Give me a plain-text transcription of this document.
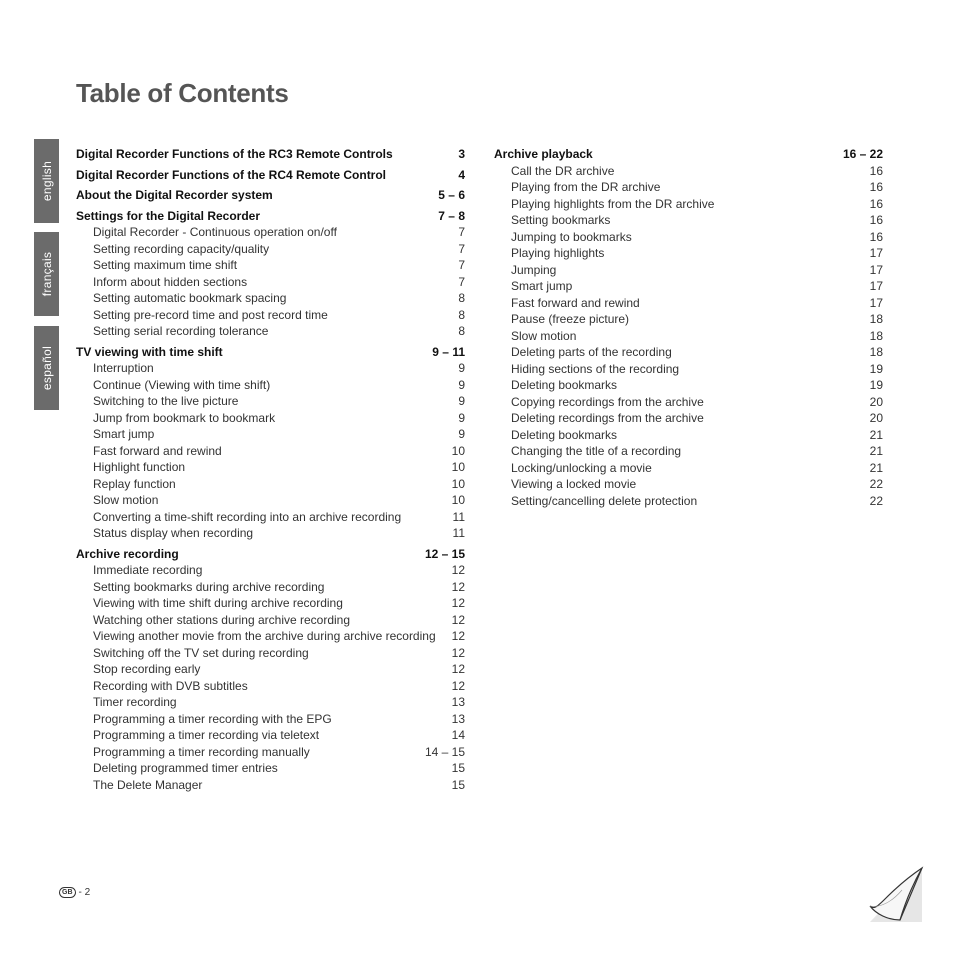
Table of Contents
english
français
español
Digital Recorder Functions of the RC3 Remote Controls	3
Digital Recorder Functions of the RC4 Remote Control	4
About the Digital Recorder system	5 – 6
Settings for the Digital Recorder	7 – 8
Digital Recorder - Continuous operation on/off	7
Setting recording capacity/quality	7
Setting maximum time shift	7
Inform about hidden sections	7
Setting automatic bookmark spacing	8
Setting pre-record time and post record time	8
Setting serial recording tolerance	8
TV viewing with time shift	9 – 11
Interruption	9
Continue (Viewing with time shift)	9
Switching to the live picture	9
Jump from bookmark to bookmark	9
Smart jump	9
Fast forward and rewind	10
Highlight function	10
Replay function	10
Slow motion	10
Converting a time-shift recording into an archive recording	11
Status display when recording	11
Archive recording	12 – 15
Immediate recording	12
Setting bookmarks during archive recording	12
Viewing with time shift during archive recording	12
Watching other stations during archive recording	12
Viewing another movie from the archive during archive recording 12
Switching off the TV set during recording	12
Stop recording early	12
Recording with DVB subtitles	12
Timer recording	13
Programming a timer recording with the EPG	13
Programming a timer recording via teletext	14
Programming a timer recording manually	14 – 15
Deleting programmed timer entries	15
The Delete Manager	15
Archive playback	16 – 22
Call the DR archive	16
Playing from the DR archive	16
Playing highlights from the DR archive	16
Setting bookmarks	16
Jumping to bookmarks	16
Playing highlights	17
Jumping	17
Smart jump	17
Fast forward and rewind	17
Pause (freeze picture)	18
Slow motion	18
Deleting parts of the recording	18
Hiding sections of the recording	19
Deleting bookmarks	19
Copying recordings from the archive	20
Deleting recordings from the archive	20
Deleting bookmarks	21
Changing the title of a recording	21
Locking/unlocking a movie	21
Viewing a locked movie	22
Setting/cancelling delete protection	22
GB - 2
